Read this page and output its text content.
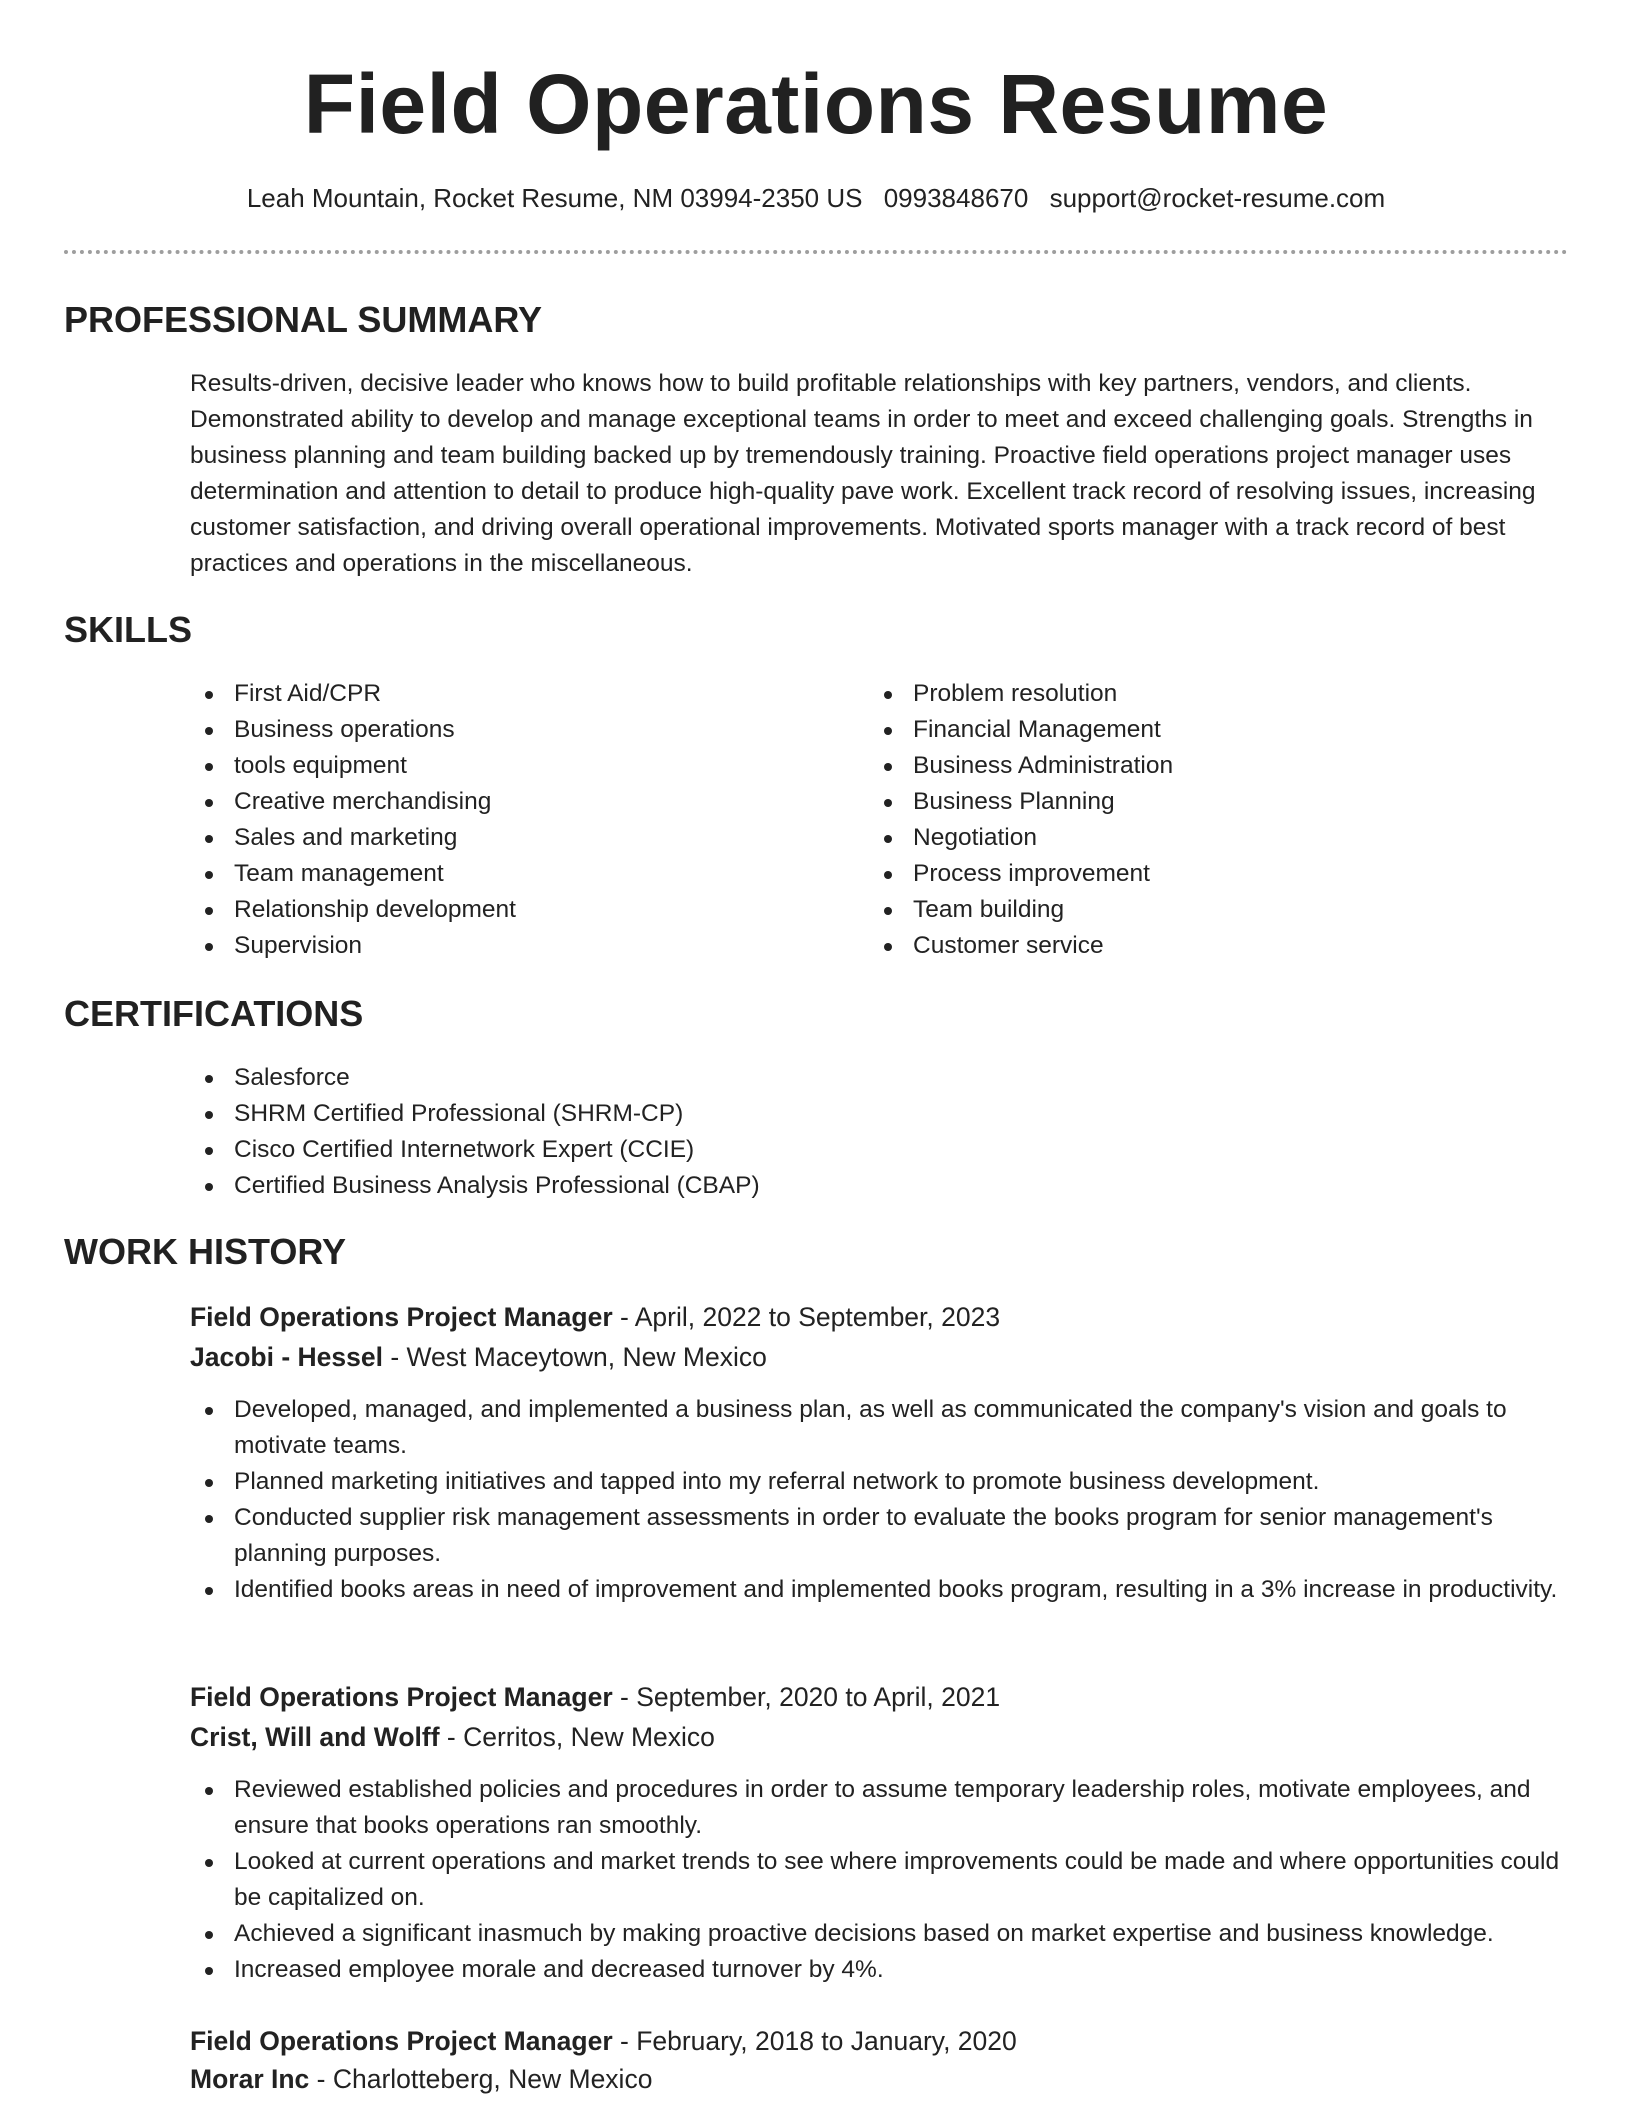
Field Operations Resume
Leah Mountain, Rocket Resume, NM 03994-2350 US 0993848670 support@rocket-resume.com
PROFESSIONAL SUMMARY

Results-driven, decisive leader who knows how to build profitable relationships with key partners, vendors, and clients. Demonstrated ability to develop and manage exceptional teams in order to meet and exceed challenging goals. Strengths in business planning and team building backed up by tremendously training. Proactive field operations project manager uses determination and attention to detail to produce high-quality pave work. Excellent track record of resolving issues, increasing customer satisfaction, and driving overall operational improvements. Motivated sports manager with a track record of best practices and operations in the miscellaneous.

SKILLS
First Aid/CPR
Business operations
tools equipment
Creative merchandising
Sales and marketing
Team management
Relationship development
Supervision
Problem resolution
Financial Management
Business Administration
Business Planning
Negotiation
Process improvement
Team building
Customer service
CERTIFICATIONS
Salesforce
SHRM Certified Professional (SHRM-CP)
Cisco Certified Internetwork Expert (CCIE)
Certified Business Analysis Professional (CBAP)
WORK HISTORY
Field Operations Project Manager - April, 2022 to September, 2023
Jacobi - Hessel - West Maceytown, New Mexico
Developed, managed, and implemented a business plan, as well as communicated the company's vision and goals to motivate teams.
Planned marketing initiatives and tapped into my referral network to promote business development.
Conducted supplier risk management assessments in order to evaluate the books program for senior management's planning purposes.
Identified books areas in need of improvement and implemented books program, resulting in a 3% increase in productivity.
Field Operations Project Manager - September, 2020 to April, 2021
Crist, Will and Wolff - Cerritos, New Mexico
Reviewed established policies and procedures in order to assume temporary leadership roles, motivate employees, and ensure that books operations ran smoothly.
Looked at current operations and market trends to see where improvements could be made and where opportunities could be capitalized on.
Achieved a significant inasmuch by making proactive decisions based on market expertise and business knowledge.
Increased employee morale and decreased turnover by 4%.
Field Operations Project Manager - February, 2018 to January, 2020
Morar Inc - Charlotteberg, New Mexico
